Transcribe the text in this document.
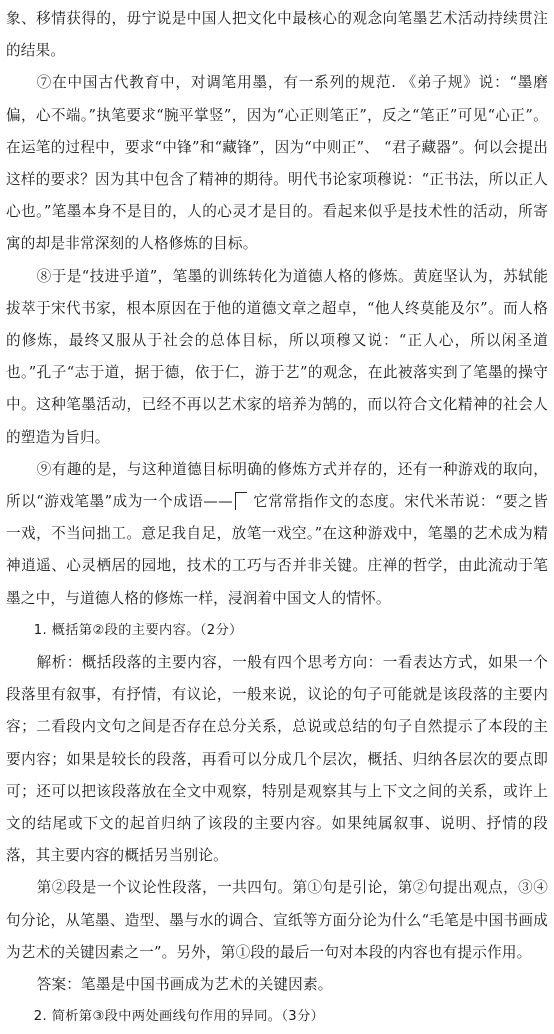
象、移情获得的，毋宁说是中国人把文化中最核心的观念向笔墨艺术活动持续贯注的结果。

⑦在中国古代教育中，对调笔用墨，有一系列的规范. 《弟子规》说：“墨磨偏，心不端。”执笔要求“腕平掌竖”，因为“心正则笔正”，反之“笔正”可见“心正”。在运笔的过程中，要求“中锋”和“藏锋”，因为“中则正”、 “君子藏器”。何以会提出这样的要求？因为其中包含了精神的期待。明代书论家项穆说：“正书法，所以正人心也。”笔墨本身不是目的，人的心灵才是目的。看起来似乎是技术性的活动，所寄寓的却是非常深刻的人格修炼的目标。

⑧于是“技进乎道”，笔墨的训练转化为道德人格的修炼。黄庭坚认为，苏轼能拔萃于宋代书家，根本原因在于他的道德文章之超卓，“他人终莫能及尔”。而人格的修炼，最终又服从于社会的总体目标，所以项穆又说：“正人心，所以闲圣道也。”孔子“志于道，据于德，依于仁，游于艺”的观念，在此被落实到了笔墨的操守中。这种笔墨活动，已经不再以艺术家的培养为鹄的，而以符合文化精神的社会人的塑造为旨归。

⑨有趣的是，与这种道德目标明确的修炼方式并存的，还有一种游戏的取向，所以“游戏笔墨”成为一个成语—— 它常常指作文的态度。宋代米芾说：“要之皆一戏，不当问拙工。意足我自足，放笔一戏空。”在这种游戏中，笔墨的艺术成为精神逍遥、心灵栖居的园地，技术的工巧与否并非关键。庄禅的哲学，由此流动于笔墨之中，与道德人格的修炼一样，浸润着中国文人的情怀。

1. 概括第②段的主要内容。（2分）

解析：概括段落的主要内容，一般有四个思考方向：一看表达方式，如果一个段落里有叙事，有抒情，有议论，一般来说，议论的句子可能就是该段落的主要内容；二看段内文句之间是否存在总分关系，总说或总结的句子自然提示了本段的主要内容；如果是较长的段落，再看可以分成几个层次，概括、归纳各层次的要点即可；还可以把该段落放在全文中观察，特别是观察其与上下文之间的关系，或许上文的结尾或下文的起首归纳了该段的主要内容。如果纯属叙事、说明、抒情的段落，其主要内容的概括另当别论。

第②段是一个议论性段落，一共四句。第①句是引论，第②句提出观点，③④句分论，从笔墨、造型、墨与水的调合、宣纸等方面分论为什么“毛笔是中国书画成为艺术的关键因素之一”。另外，第①段的最后一句对本段的内容也有提示作用。

答案：笔墨是中国书画成为艺术的关键因素。

2. 简析第③段中两处画线句作用的异同。（3分）
